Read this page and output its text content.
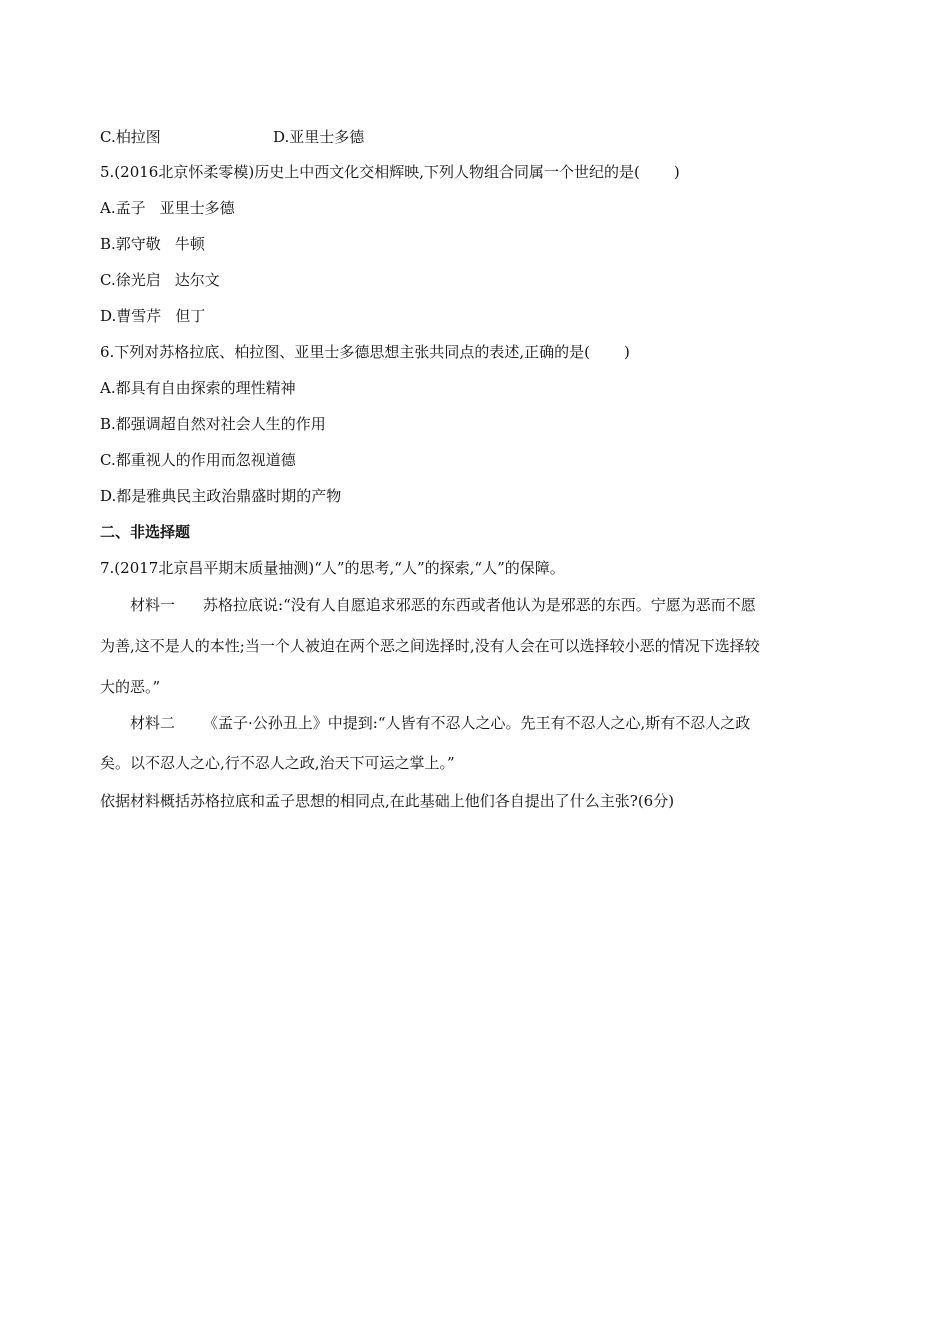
C.柏拉图	D.亚里士多德
5.(2016北京怀柔零模)历史上中西文化交相辉映,下列人物组合同属一个世纪的是( )
A.孟子 亚里士多德
B.郭守敬 牛顿
C.徐光启 达尔文
D.曹雪芹 但丁
6.下列对苏格拉底、柏拉图、亚里士多德思想主张共同点的表述,正确的是( )
A.都具有自由探索的理性精神
B.都强调超自然对社会人生的作用
C.都重视人的作用而忽视道德
D.都是雅典民主政治鼎盛时期的产物
二、非选择题
7.(2017北京昌平期末质量抽测)“人”的思考,“人”的探索,“人”的保障。
材料一 苏格拉底说:“没有人自愿追求邪恶的东西或者他认为是邪恶的东西。宁愿为恶而不愿
为善,这不是人的本性;当一个人被迫在两个恶之间选择时,没有人会在可以选择较小恶的情况下选择较
大的恶。”
材料二 《孟子·公孙丑上》中提到:“人皆有不忍人之心。先王有不忍人之心,斯有不忍人之政
矣。以不忍人之心,行不忍人之政,治天下可运之掌上。”
依据材料概括苏格拉底和孟子思想的相同点,在此基础上他们各自提出了什么主张?(6分)
